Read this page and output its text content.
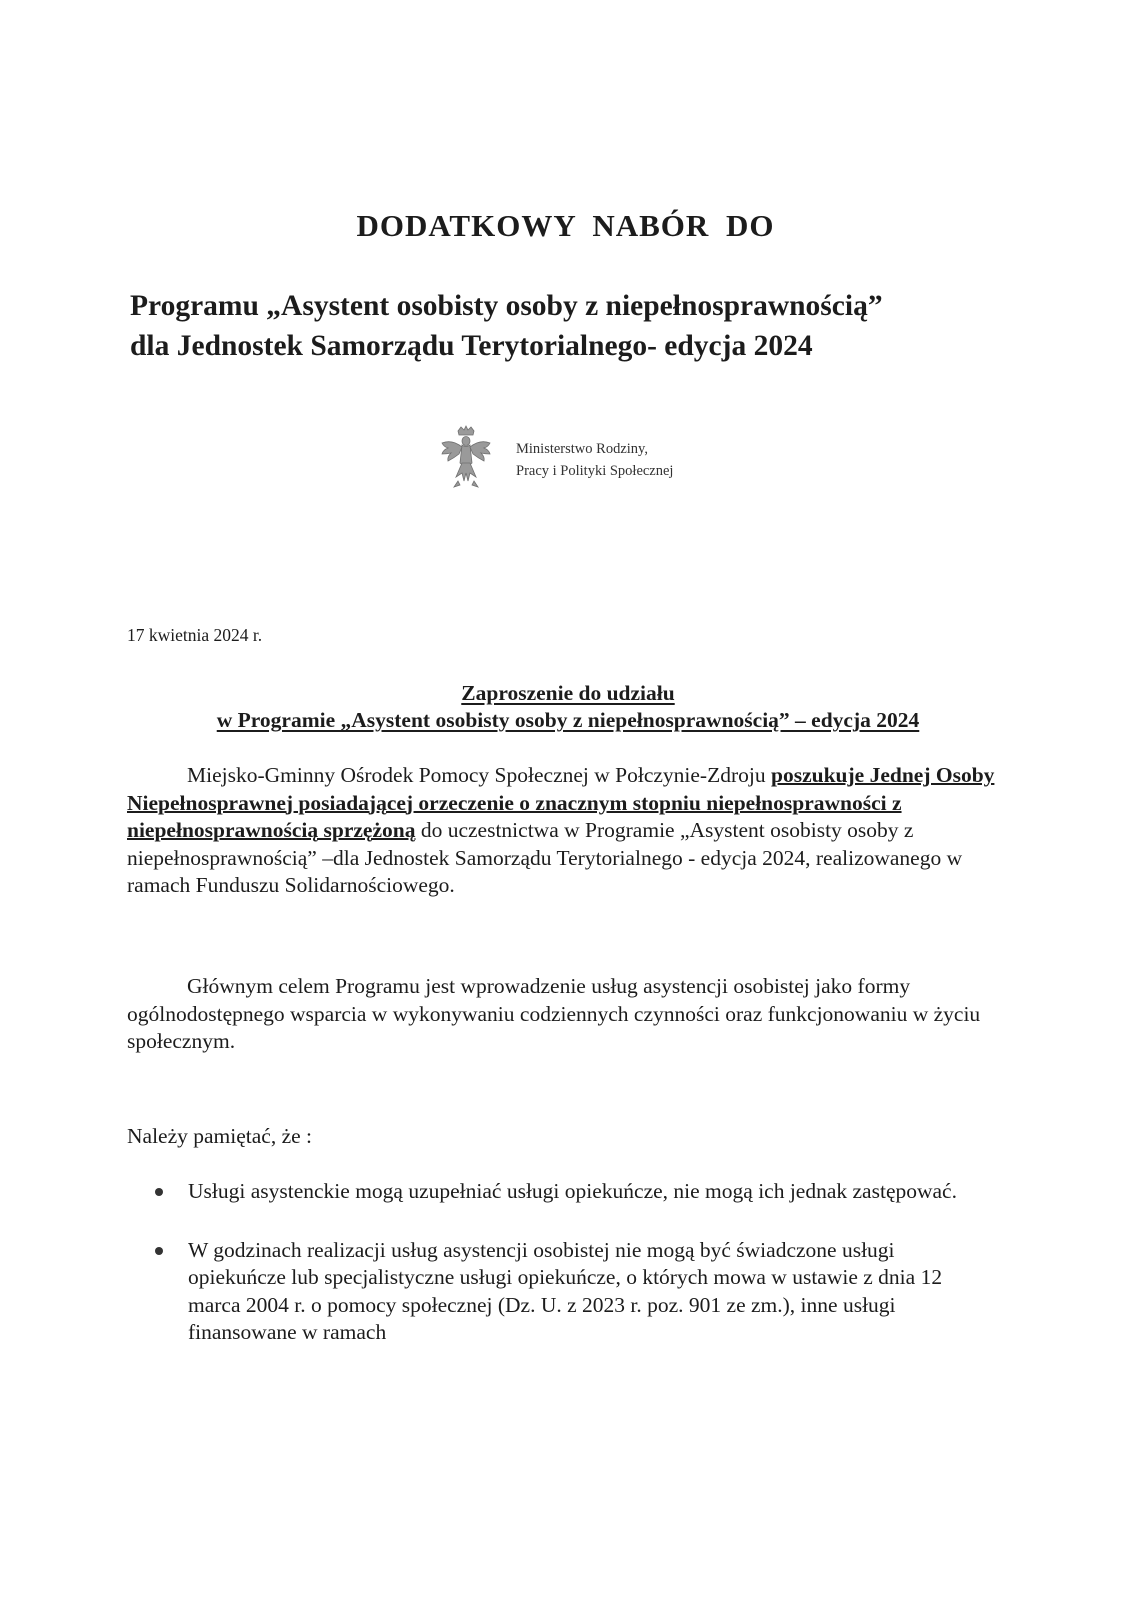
DODATKOWY NABÓR DO
Programu „Asystent osobisty osoby z niepełnosprawnością”
dla Jednostek Samorządu Terytorialnego- edycja 2024
Ministerstwo Rodziny,
Pracy i Polityki Społecznej
17 kwietnia 2024 r.
Zaproszenie do udziału
w Programie „Asystent osobisty osoby z niepełnosprawnością” – edycja 2024
Miejsko-Gminny Ośrodek Pomocy Społecznej w Połczynie-Zdroju poszukuje Jednej Osoby Niepełnosprawnej posiadającej orzeczenie o znacznym stopniu niepełnosprawności z niepełnosprawnością sprzężoną do uczestnictwa w Programie „Asystent osobisty osoby z niepełnosprawnością” –dla Jednostek Samorządu Terytorialnego - edycja 2024, realizowanego w ramach Funduszu Solidarnościowego.
Głównym celem Programu jest wprowadzenie usług asystencji osobistej jako formy ogólnodostępnego wsparcia w wykonywaniu codziennych czynności oraz funkcjonowaniu w życiu społecznym.
Należy pamiętać, że :
Usługi asystenckie mogą uzupełniać usługi opiekuńcze, nie mogą ich jednak zastępować.
W godzinach realizacji usług asystencji osobistej nie mogą być świadczone usługi opiekuńcze lub specjalistyczne usługi opiekuńcze, o których mowa w ustawie z dnia 12 marca 2004 r. o pomocy społecznej (Dz. U. z 2023 r. poz. 901 ze zm.), inne usługi finansowane w ramach
